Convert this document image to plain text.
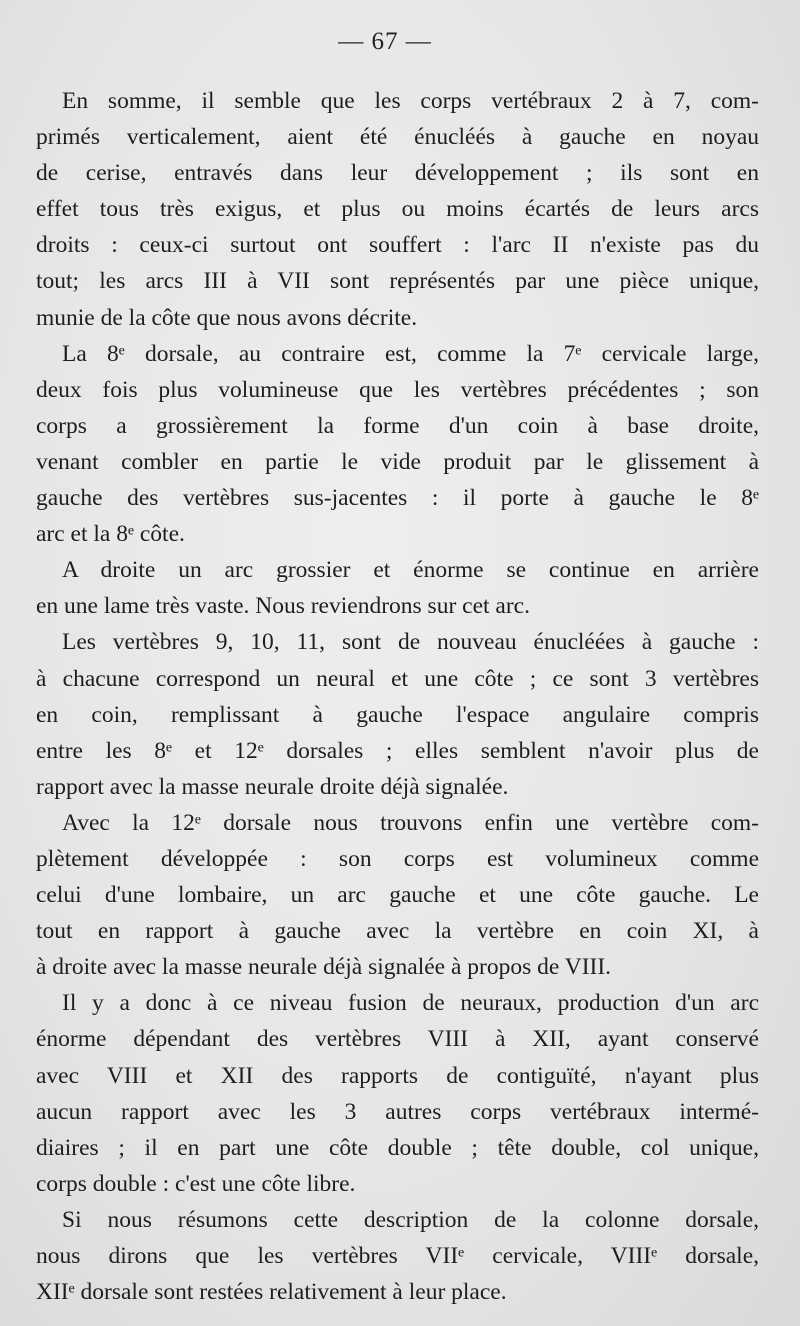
— 67 —
En somme, il semble que les corps vertébraux 2 à 7, com-
primés verticalement, aient été énucléés à gauche en noyau
de cerise, entravés dans leur développement ; ils sont en
effet tous très exigus, et plus ou moins écartés de leurs arcs
droits : ceux-ci surtout ont souffert : l'arc II n'existe pas du
tout; les arcs III à VII sont représentés par une pièce unique,
munie de la côte que nous avons décrite.
La 8ᵉ dorsale, au contraire est, comme la 7ᵉ cervicale large,
deux fois plus volumineuse que les vertèbres précédentes ; son
corps a grossièrement la forme d'un coin à base droite,
venant combler en partie le vide produit par le glissement à
gauche des vertèbres sus-jacentes : il porte à gauche le 8ᵉ
arc et la 8ᵉ côte.
A droite un arc grossier et énorme se continue en arrière
en une lame très vaste. Nous reviendrons sur cet arc.
Les vertèbres 9, 10, 11, sont de nouveau énucléées à gauche :
à chacune correspond un neural et une côte ; ce sont 3 vertèbres
en coin, remplissant à gauche l'espace angulaire compris
entre les 8ᵉ et 12ᵉ dorsales ; elles semblent n'avoir plus de
rapport avec la masse neurale droite déjà signalée.
Avec la 12ᵉ dorsale nous trouvons enfin une vertèbre com-
plètement développée : son corps est volumineux comme
celui d'une lombaire, un arc gauche et une côte gauche. Le
tout en rapport à gauche avec la vertèbre en coin XI, à
à droite avec la masse neurale déjà signalée à propos de VIII.
Il y a donc à ce niveau fusion de neuraux, production d'un arc
énorme dépendant des vertèbres VIII à XII, ayant conservé
avec VIII et XII des rapports de contiguïté, n'ayant plus
aucun rapport avec les 3 autres corps vertébraux intermé-
diaires ; il en part une côte double ; tête double, col unique,
corps double : c'est une côte libre.
Si nous résumons cette description de la colonne dorsale,
nous dirons que les vertèbres VIIᵉ cervicale, VIIIᵉ dorsale,
XIIᵉ dorsale sont restées relativement à leur place.
